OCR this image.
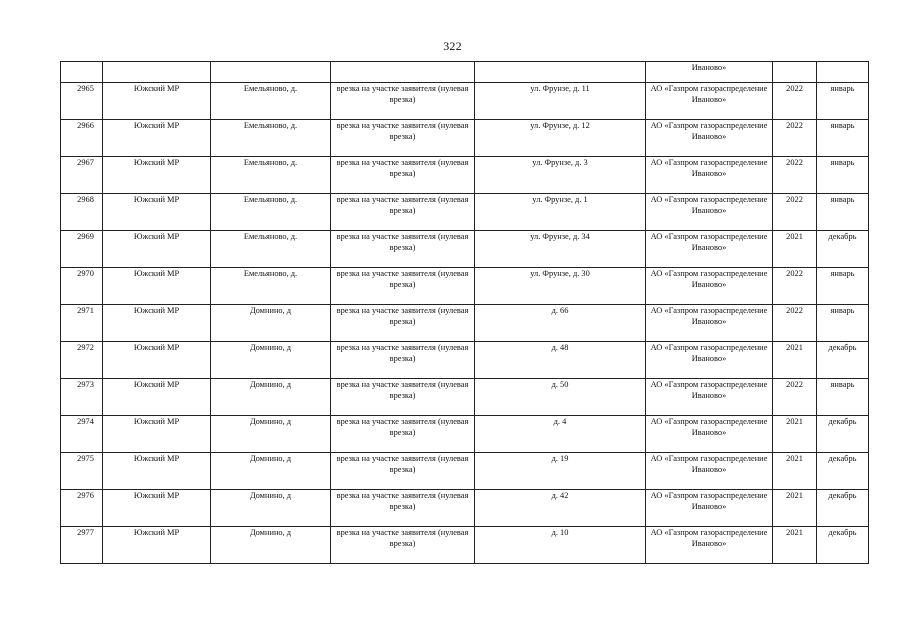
322
					Иваново»		
2965	Южский МР	Емельяново, д.	врезка на участке заявителя (нулевая врезка)	ул. Фрунзе, д. 11	АО «Газпром газораспределение Иваново»	2022	январь
2966	Южский МР	Емельяново, д.	врезка на участке заявителя (нулевая врезка)	ул. Фрунзе, д. 12	АО «Газпром газораспределение Иваново»	2022	январь
2967	Южский МР	Емельяново, д.	врезка на участке заявителя (нулевая врезка)	ул. Фрунзе, д. 3	АО «Газпром газораспределение Иваново»	2022	январь
2968	Южский МР	Емельяново, д.	врезка на участке заявителя (нулевая врезка)	ул. Фрунзе, д. 1	АО «Газпром газораспределение Иваново»	2022	январь
2969	Южский МР	Емельяново, д.	врезка на участке заявителя (нулевая врезка)	ул. Фрунзе, д. 34	АО «Газпром газораспределение Иваново»	2021	декабрь
2970	Южский МР	Емельяново, д.	врезка на участке заявителя (нулевая врезка)	ул. Фрунзе, д. 30	АО «Газпром газораспределение Иваново»	2022	январь
2971	Южский МР	Домнино, д	врезка на участке заявителя (нулевая врезка)	д. 66	АО «Газпром газораспределение Иваново»	2022	январь
2972	Южский МР	Домнино, д	врезка на участке заявителя (нулевая врезка)	д. 48	АО «Газпром газораспределение Иваново»	2021	декабрь
2973	Южский МР	Домнино, д	врезка на участке заявителя (нулевая врезка)	д. 50	АО «Газпром газораспределение Иваново»	2022	январь
2974	Южский МР	Домнино, д	врезка на участке заявителя (нулевая врезка)	д. 4	АО «Газпром газораспределение Иваново»	2021	декабрь
2975	Южский МР	Домнино, д	врезка на участке заявителя (нулевая врезка)	д. 19	АО «Газпром газораспределение Иваново»	2021	декабрь
2976	Южский МР	Домнино, д	врезка на участке заявителя (нулевая врезка)	д. 42	АО «Газпром газораспределение Иваново»	2021	декабрь
2977	Южский МР	Домнино, д	врезка на участке заявителя (нулевая врезка)	д. 10	АО «Газпром газораспределение Иваново»	2021	декабрь
